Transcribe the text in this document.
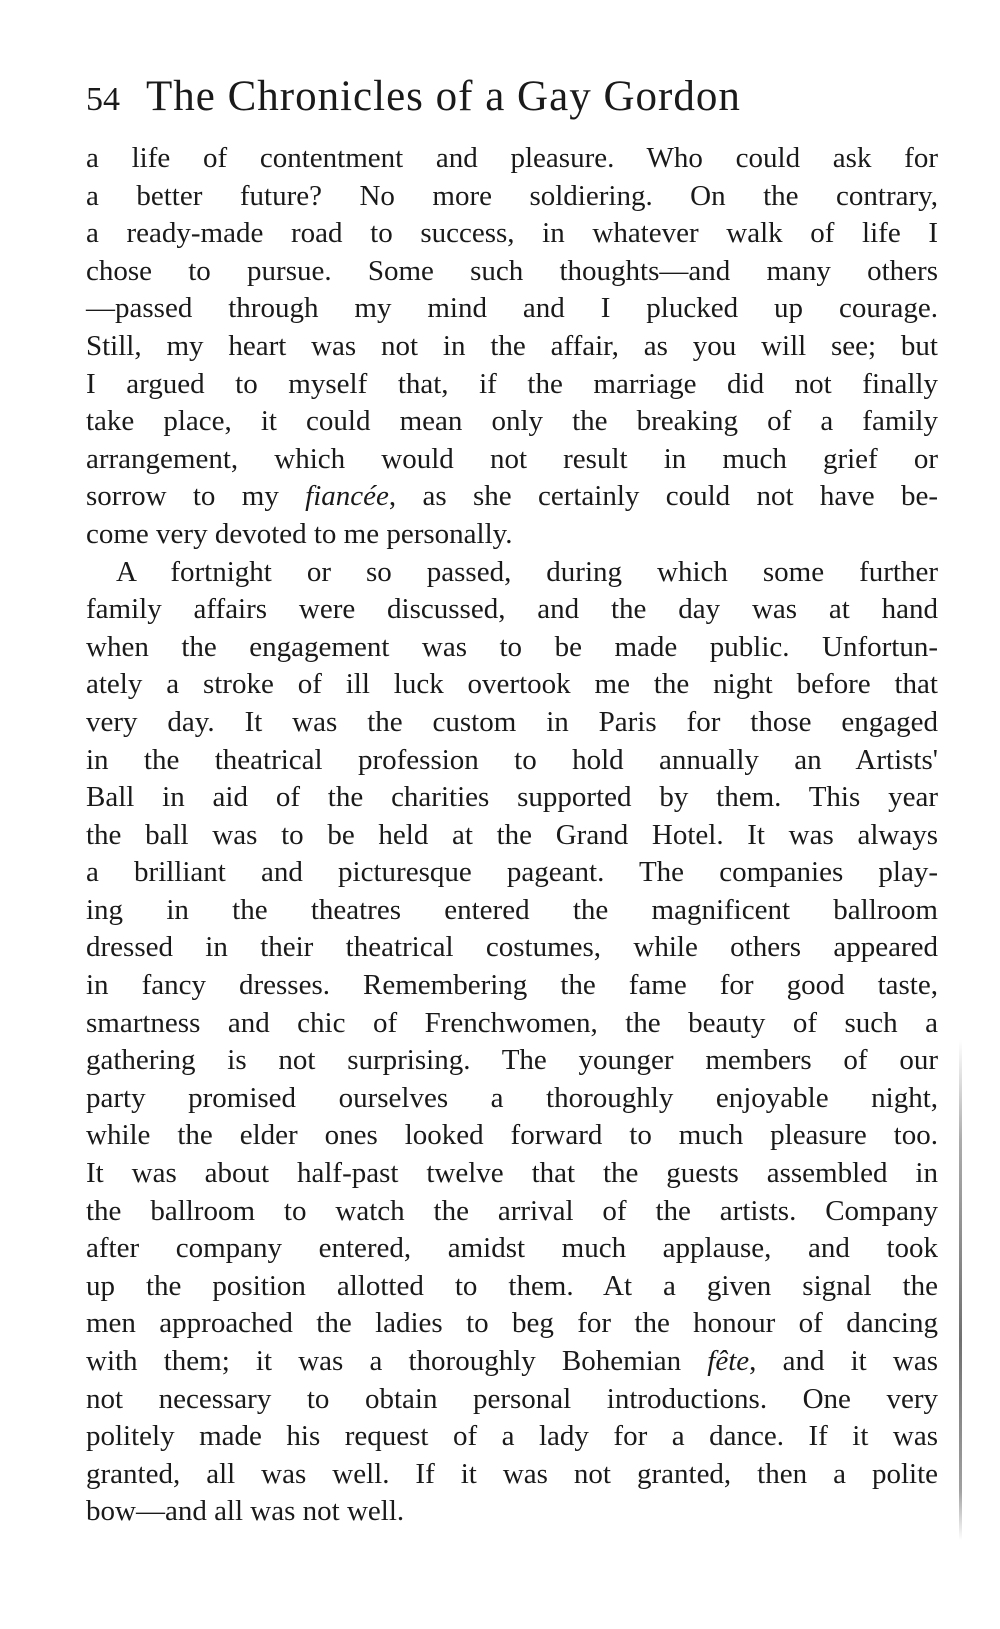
54 The Chronicles of a Gay Gordon
a life of contentment and pleasure. Who could ask for
a better future? No more soldiering. On the contrary,
a ready-made road to success, in whatever walk of life I
chose to pursue. Some such thoughts—and many others
—passed through my mind and I plucked up courage.
Still, my heart was not in the affair, as you will see; but
I argued to myself that, if the marriage did not finally
take place, it could mean only the breaking of a family
arrangement, which would not result in much grief or
sorrow to my fiancée, as she certainly could not have be-
come very devoted to me personally.
A fortnight or so passed, during which some further
family affairs were discussed, and the day was at hand
when the engagement was to be made public. Unfortun-
ately a stroke of ill luck overtook me the night before that
very day. It was the custom in Paris for those engaged
in the theatrical profession to hold annually an Artists'
Ball in aid of the charities supported by them. This year
the ball was to be held at the Grand Hotel. It was always
a brilliant and picturesque pageant. The companies play-
ing in the theatres entered the magnificent ballroom
dressed in their theatrical costumes, while others appeared
in fancy dresses. Remembering the fame for good taste,
smartness and chic of Frenchwomen, the beauty of such a
gathering is not surprising. The younger members of our
party promised ourselves a thoroughly enjoyable night,
while the elder ones looked forward to much pleasure too.
It was about half-past twelve that the guests assembled in
the ballroom to watch the arrival of the artists. Company
after company entered, amidst much applause, and took
up the position allotted to them. At a given signal the
men approached the ladies to beg for the honour of dancing
with them; it was a thoroughly Bohemian fête, and it was
not necessary to obtain personal introductions. One very
politely made his request of a lady for a dance. If it was
granted, all was well. If it was not granted, then a polite
bow—and all was not well.
